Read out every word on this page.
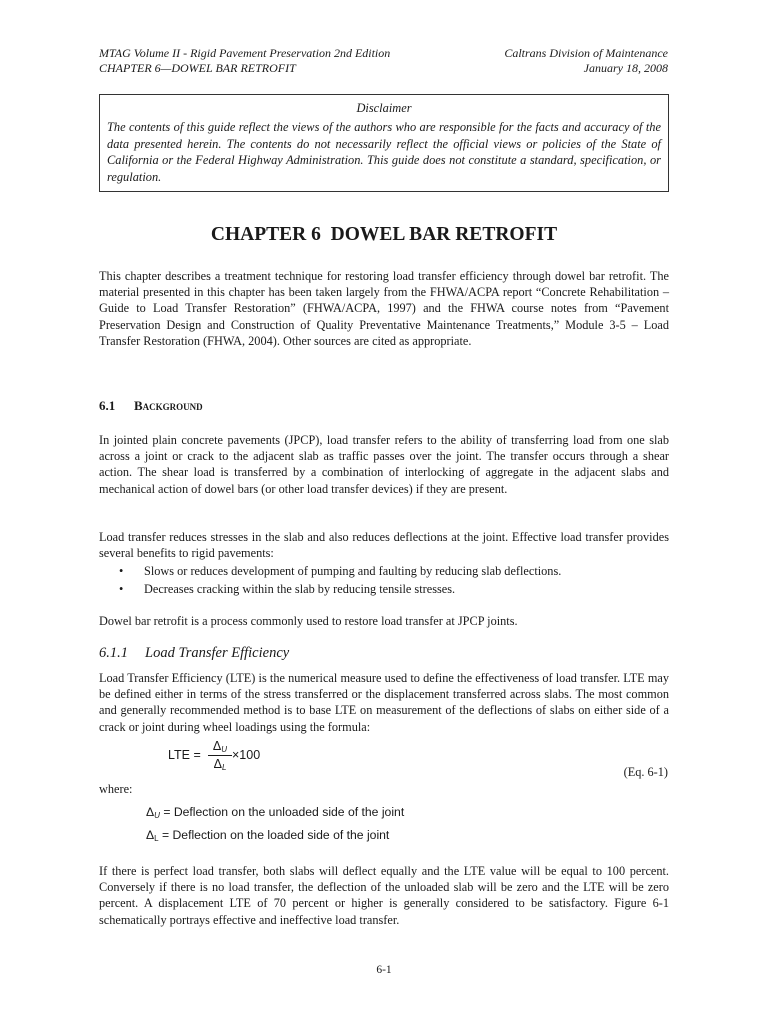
MTAG Volume II - Rigid Pavement Preservation 2nd Edition
CHAPTER 6—DOWEL BAR RETROFIT
Caltrans Division of Maintenance
January 18, 2008
Disclaimer
The contents of this guide reflect the views of the authors who are responsible for the facts and accuracy of the data presented herein. The contents do not necessarily reflect the official views or policies of the State of California or the Federal Highway Administration. This guide does not constitute a standard, specification, or regulation.
CHAPTER 6  DOWEL BAR RETROFIT
This chapter describes a treatment technique for restoring load transfer efficiency through dowel bar retrofit. The material presented in this chapter has been taken largely from the FHWA/ACPA report “Concrete Rehabilitation – Guide to Load Transfer Restoration” (FHWA/ACPA, 1997) and the FHWA course notes from “Pavement Preservation Design and Construction of Quality Preventative Maintenance Treatments,” Module 3-5 – Load Transfer Restoration (FHWA, 2004). Other sources are cited as appropriate.
6.1 Background
In jointed plain concrete pavements (JPCP), load transfer refers to the ability of transferring load from one slab across a joint or crack to the adjacent slab as traffic passes over the joint. The transfer occurs through a shear action. The shear load is transferred by a combination of interlocking of aggregate in the adjacent slabs and mechanical action of dowel bars (or other load transfer devices) if they are present.
Load transfer reduces stresses in the slab and also reduces deflections at the joint. Effective load transfer provides several benefits to rigid pavements:
• Slows or reduces development of pumping and faulting by reducing slab deflections.
• Decreases cracking within the slab by reducing tensile stresses.
Dowel bar retrofit is a process commonly used to restore load transfer at JPCP joints.
6.1.1 Load Transfer Efficiency
Load Transfer Efficiency (LTE) is the numerical measure used to define the effectiveness of load transfer. LTE may be defined either in terms of the stress transferred or the displacement transferred across slabs. The most common and generally recommended method is to base LTE on measurement of the deflections of slabs on either side of a crack or joint during wheel loadings using the formula:
LTE =
$\Delta_U$
$\Delta_L$
×100
(Eq. 6-1)
where:
$\Delta_U$ = Deflection on the unloaded side of the joint
$\Delta_L$ = Deflection on the loaded side of the joint
If there is perfect load transfer, both slabs will deflect equally and the LTE value will be equal to 100 percent. Conversely if there is no load transfer, the deflection of the unloaded slab will be zero and the LTE will be zero percent. A displacement LTE of 70 percent or higher is generally considered to be satisfactory. Figure 6-1 schematically portrays effective and ineffective load transfer.
6-1
